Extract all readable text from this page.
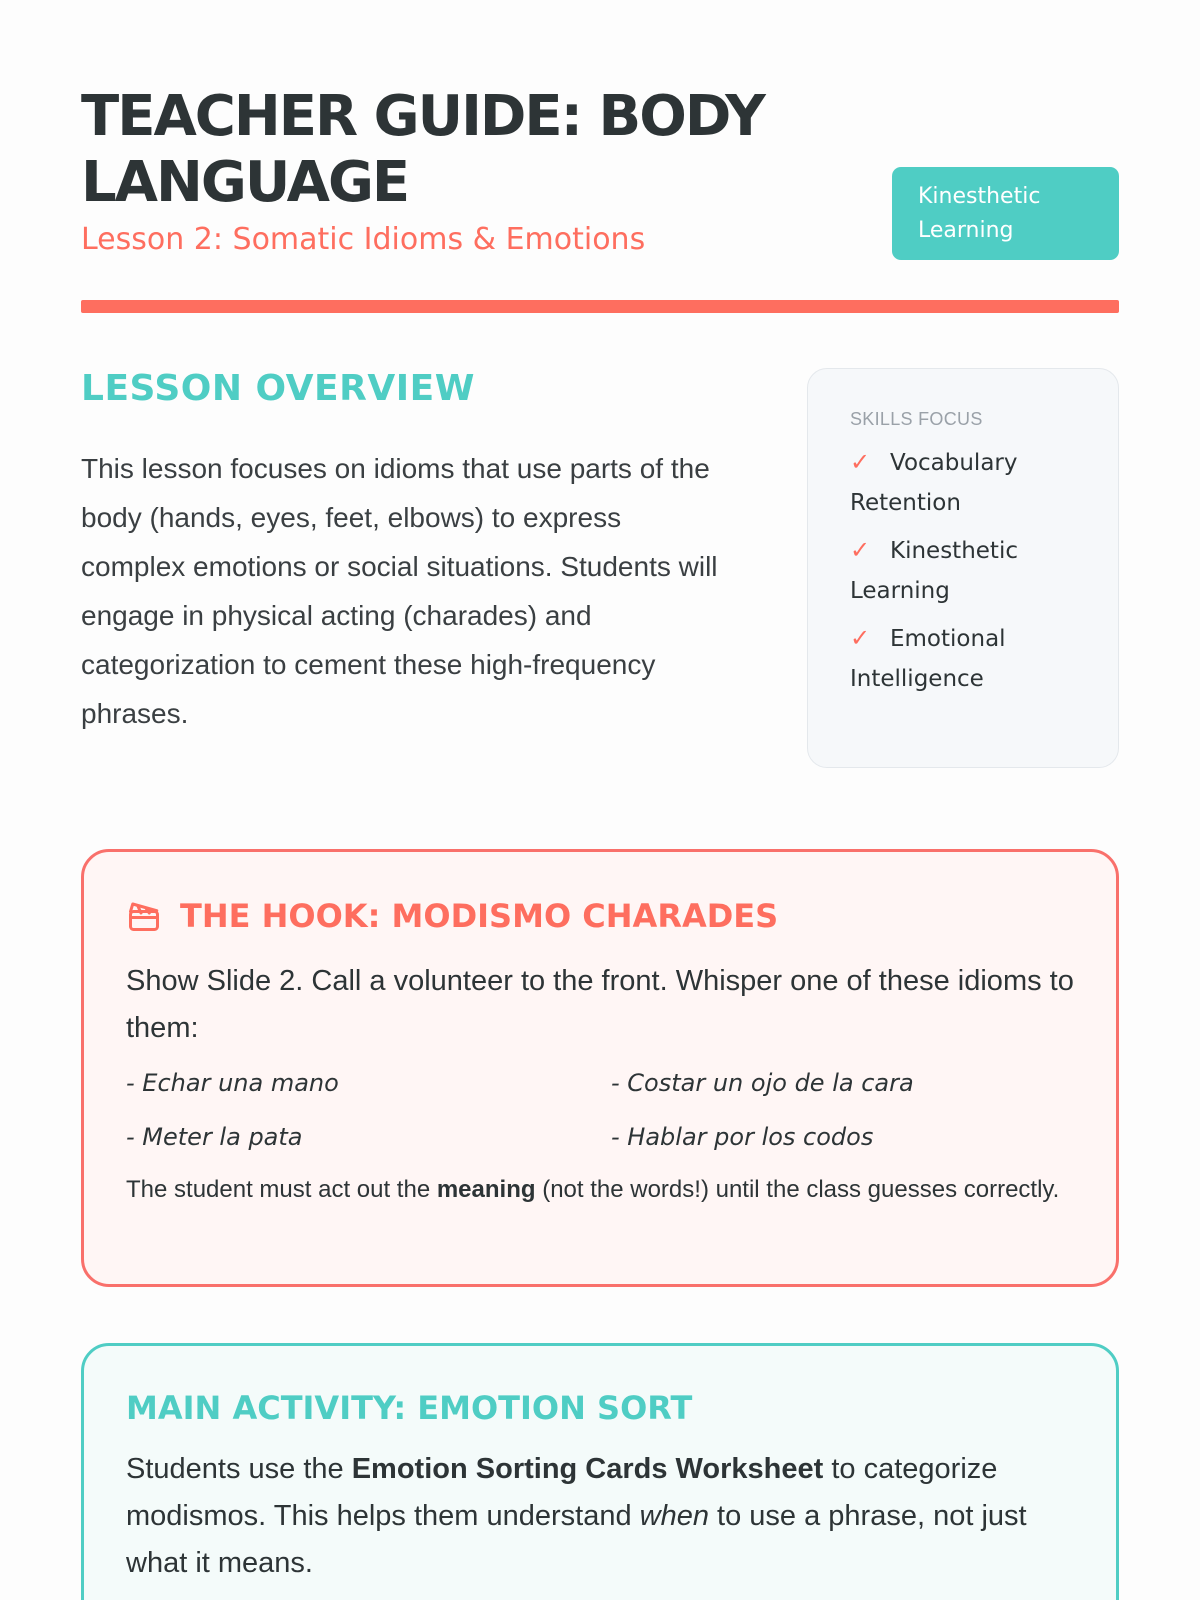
TEACHER GUIDE: BODY LANGUAGE
Lesson 2: Somatic Idioms & Emotions
Kinesthetic Learning
LESSON OVERVIEW

This lesson focuses on idioms that use parts of the body (hands, eyes, feet, elbows) to express complex emotions or social situations. Students will engage in physical acting (charades) and categorization to cement these high-frequency phrases.

SKILLS FOCUS
✓ Vocabulary Retention
✓ Kinesthetic Learning
✓ Emotional Intelligence
THE HOOK: MODISMO CHARADES

Show Slide 2. Call a volunteer to the front. Whisper one of these idioms to them:

- Echar una mano	- Costar un ojo de la cara
- Meter la pata	- Hablar por los codos

The student must act out the meaning (not the words!) until the class guesses correctly.

MAIN ACTIVITY: EMOTION SORT

Students use the Emotion Sorting Cards Worksheet to categorize modismos. This helps them understand when to use a phrase, not just what it means.
